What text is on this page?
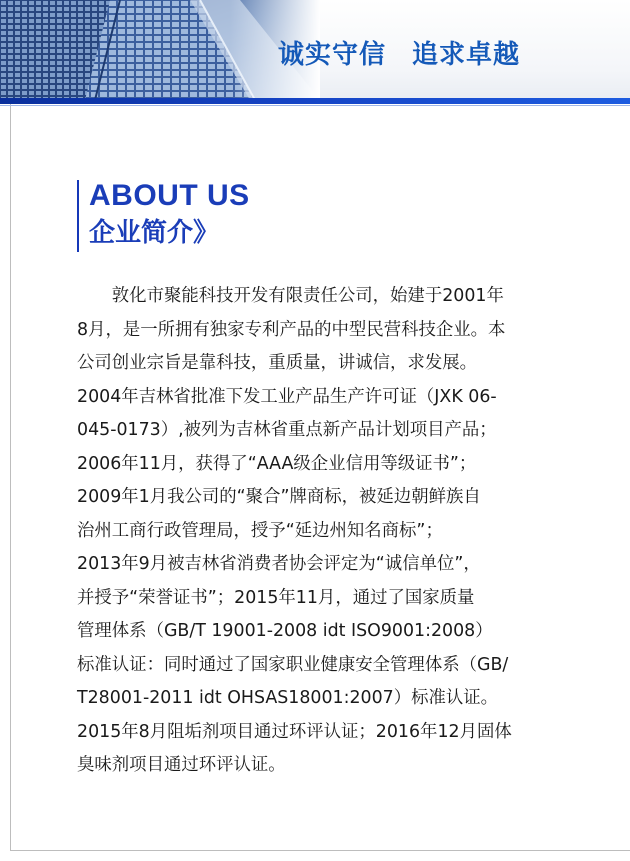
诚实守信 追求卓越

ABOUT US

企业简介》

　　敦化市聚能科技开发有限责任公司，始建于2001年
8月，是一所拥有独家专利产品的中型民营科技企业。本
公司创业宗旨是靠科技，重质量，讲诚信，求发展。
2004年吉林省批准下发工业产品生产许可证（JXK 06-
045-0173）,被列为吉林省重点新产品计划项目产品；
2006年11月，获得了“AAA级企业信用等级证书”；
2009年1月我公司的“聚合”牌商标，被延边朝鲜族自
治州工商行政管理局，授予“延边州知名商标”；
2013年9月被吉林省消费者协会评定为“诚信单位”，
并授予“荣誉证书”；2015年11月，通过了国家质量
管理体系（GB/T 19001-2008 idt ISO9001:2008）
标准认证：同时通过了国家职业健康安全管理体系（GB/
T28001-2011 idt OHSAS18001:2007）标准认证。
2015年8月阻垢剂项目通过环评认证；2016年12月固体
臭味剂项目通过环评认证。
